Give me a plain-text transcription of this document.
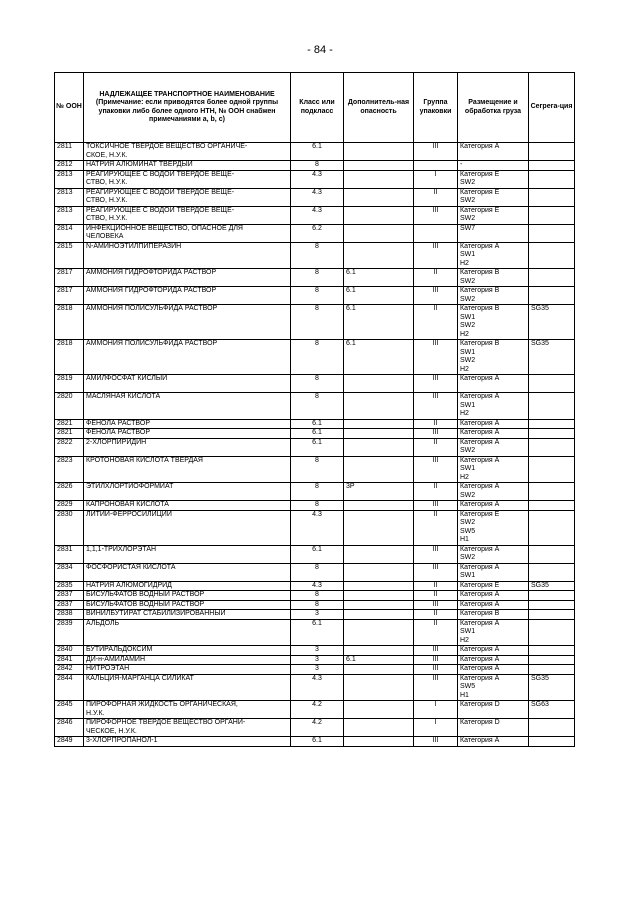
- 84 -
№ ООН	НАДЛЕЖАЩЕЕ ТРАНСПОРТНОЕ НАИМЕНОВАНИЕ
(Примечание: если приводятся более одной группы упаковки либо более одного НТН, № ООН снабжен примечаниями a, b, c)	Класс или подкласс	Дополнитель-ная опасность	Группа упаковки	Размещение и обработка груза	Сегрега-ция
2811	ТОКСИЧНОЕ ТВЕРДОЕ ВЕЩЕСТВО ОРГАНИЧЕ-
СКОЕ, Н.У.К.	6.1		III	Категория A	

2812	НАТРИЯ АЛЮМИНАТ ТВЕРДЫЙ	8			-	

2813	РЕАГИРУЮЩЕЕ С ВОДОЙ ТВЕРДОЕ ВЕЩЕ-
СТВО, Н.У.К.	4.3		I	Категория E
SW2	

2813	РЕАГИРУЮЩЕЕ С ВОДОЙ ТВЕРДОЕ ВЕЩЕ-
СТВО, Н.У.К.	4.3		II	Категория E
SW2	

2813	РЕАГИРУЮЩЕЕ С ВОДОЙ ТВЕРДОЕ ВЕЩЕ-
СТВО, Н.У.К.	4.3		III	Категория E
SW2	

2814	ИНФЕКЦИОННОЕ ВЕЩЕСТВО, ОПАСНОЕ ДЛЯ
ЧЕЛОВЕКА	6.2			SW7	

2815	N-АМИНОЭТИЛПИПЕРАЗИН	8		III	Категория A
SW1
H2	

2817	АММОНИЯ ГИДРОФТОРИДА РАСТВОР	8	6.1	II	Категория B
SW2	

2817	АММОНИЯ ГИДРОФТОРИДА РАСТВОР	8	6.1	III	Категория B
SW2	

2818	АММОНИЯ ПОЛИСУЛЬФИДА РАСТВОР	8	6.1	II	Категория B
SW1
SW2
H2	SG35
2818	АММОНИЯ ПОЛИСУЛЬФИДА РАСТВОР	8	6.1	III	Категория B
SW1
SW2
H2	SG35
2819	АМИЛФОСФАТ КИСЛЫЙ	8		III	Категория A	

2820	МАСЛЯНАЯ КИСЛОТА	8		III	Категория A
SW1
H2	

2821	ФЕНОЛА РАСТВОР	6.1		II	Категория A	

2821	ФЕНОЛА РАСТВОР	6.1		III	Категория A	

2822	2-ХЛОРПИРИДИН	6.1		II	Категория A
SW2	

2823	КРОТОНОВАЯ КИСЛОТА ТВЕРДАЯ	8		III	Категория A
SW1
H2	

2826	ЭТИЛХЛОРТИОФОРМИАТ	8	3P	II	Категория A
SW2	

2829	КАПРОНОВАЯ КИСЛОТА	8		III	Категория A	

2830	ЛИТИЙ-ФЕРРОСИЛИЦИЙ	4.3		II	Категория E
SW2
SW5
H1	

2831	1,1,1-ТРИХЛОРЭТАН	6.1		III	Категория A
SW2	

2834	ФОСФОРИСТАЯ КИСЛОТА	8		III	Категория A
SW1	

2835	НАТРИЯ АЛЮМОГИДРИД	4.3		II	Категория E	SG35
2837	БИСУЛЬФАТОВ ВОДНЫЙ РАСТВОР	8		II	Категория A	

2837	БИСУЛЬФАТОВ ВОДНЫЙ РАСТВОР	8		III	Категория A	

2838	ВИНИЛБУТИРАТ СТАБИЛИЗИРОВАННЫЙ	3		II	Категория B	

2839	АЛЬДОЛЬ	6.1		II	Категория A
SW1
H2	

2840	БУТИРАЛЬДОКСИМ	3		III	Категория A	

2841	ДИ-н-АМИЛАМИН	3	6.1	III	Категория A	

2842	НИТРОЭТАН	3		III	Категория A	

2844	КАЛЬЦИЯ-МАРГАНЦА СИЛИКАТ	4.3		III	Категория A
SW5
H1	SG35
2845	ПИРОФОРНАЯ ЖИДКОСТЬ ОРГАНИЧЕСКАЯ,
Н.У.К.	4.2		I	Категория D	SG63
2846	ПИРОФОРНОЕ ТВЕРДОЕ ВЕЩЕСТВО ОРГАНИ-
ЧЕСКОЕ, Н.У.К.	4.2		I	Категория D	

2849	3-ХЛОРПРОПАНОЛ-1	6.1		III	Категория A	
